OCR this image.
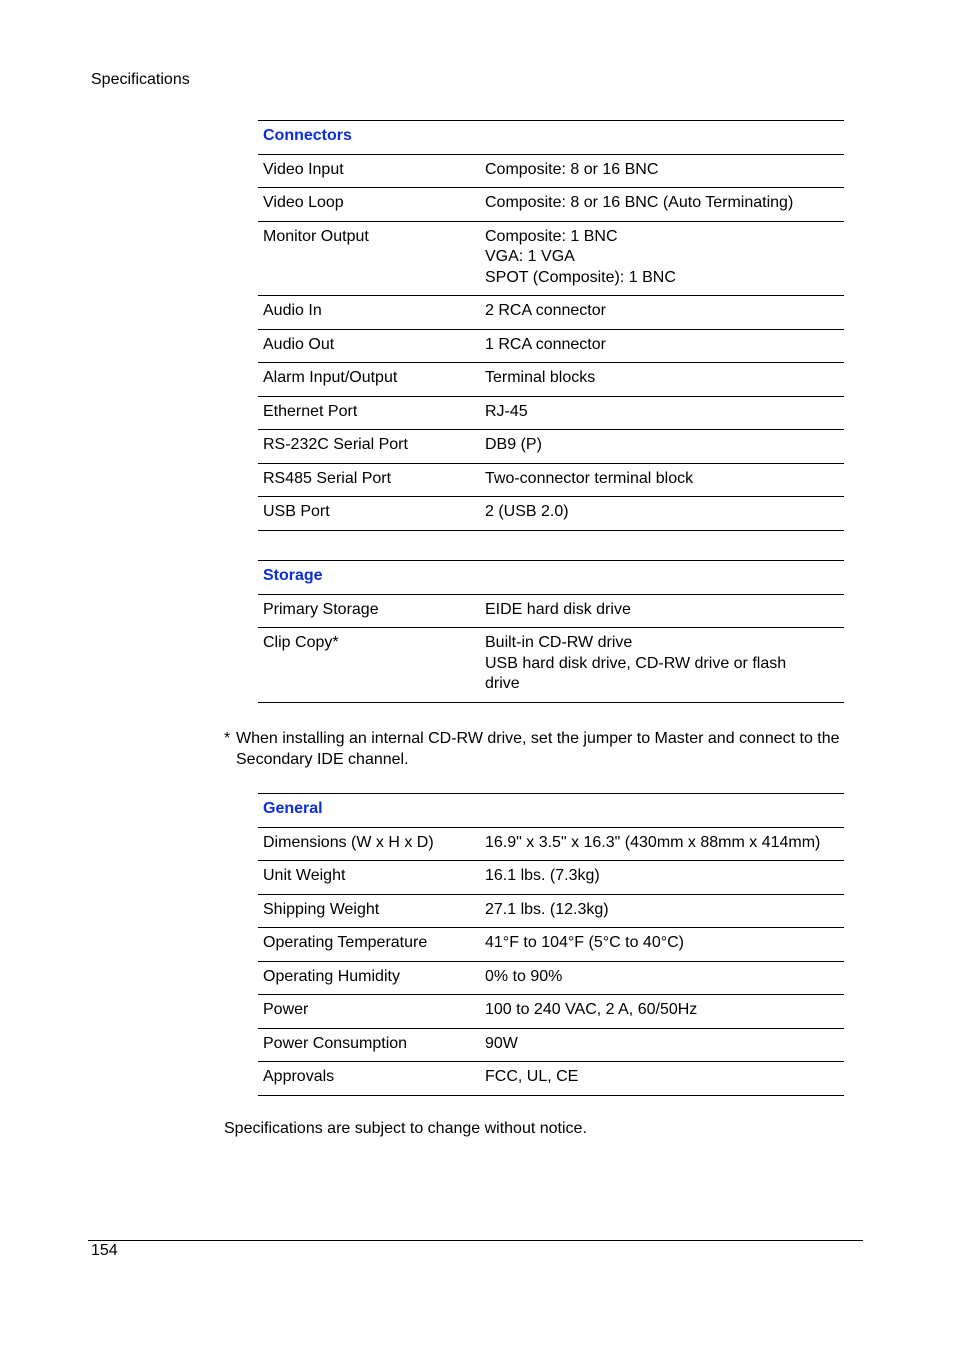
Specifications
Connectors	
Video Input	Composite: 8 or 16 BNC

Video Loop	Composite: 8 or 16 BNC (Auto Terminating)

Monitor Output	Composite: 1 BNC
VGA: 1 VGA
SPOT (Composite): 1 BNC

Audio In	2 RCA connector

Audio Out	1 RCA connector

Alarm Input/Output	Terminal blocks

Ethernet Port	RJ-45

RS-232C Serial Port	DB9 (P)

RS485 Serial Port	Two-connector terminal block

USB Port	2 (USB 2.0)
Storage	
Primary Storage	EIDE hard disk drive

Clip Copy*	Built-in CD-RW drive
USB hard disk drive, CD-RW drive or flash
drive
* When installing an internal CD-RW drive, set the jumper to Master and connect to the Secondary IDE channel.
General	
Dimensions (W x H x D)	16.9" x 3.5" x 16.3" (430mm x 88mm x 414mm)

Unit Weight	16.1 lbs. (7.3kg)

Shipping Weight	27.1 lbs. (12.3kg)

Operating Temperature	41°F to 104°F (5°C to 40°C)

Operating Humidity	0% to 90%

Power	100 to 240 VAC, 2 A, 60/50Hz

Power Consumption	90W

Approvals	FCC, UL, CE
Specifications are subject to change without notice.
154
